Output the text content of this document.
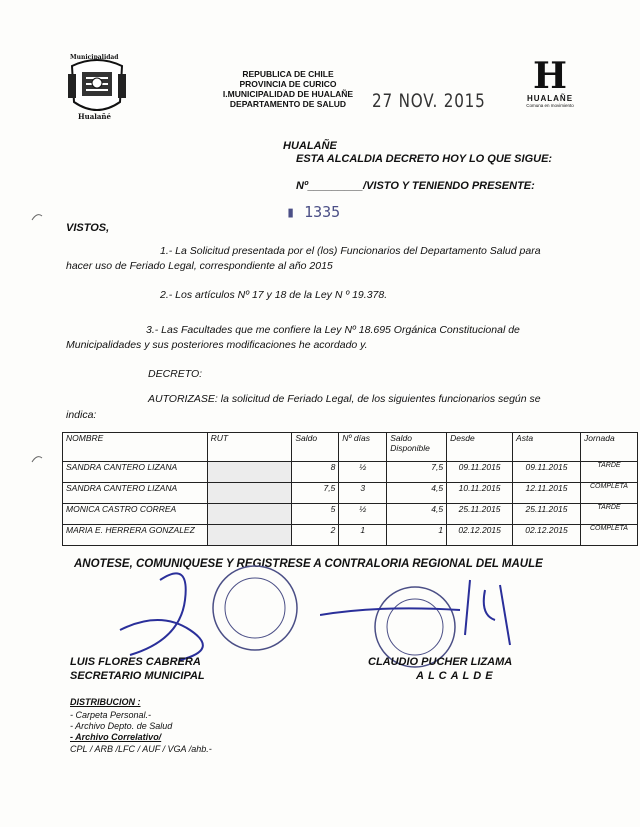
Municipalidad
Hualañé
REPUBLICA DE CHILE
PROVINCIA DE CURICO
I.MUNICIPALIDAD DE HUALAÑE
DEPARTAMENTO DE SALUD	27 NOV. 2015
H
HUALAÑE
Comuna en movimiento
HUALAÑE
ESTA ALCALDIA DECRETO HOY LO QUE SIGUE:
Nº_________/VISTO Y TENIENDO PRESENTE:
▮ 1335
VISTOS,
1.- La Solicitud presentada por el (los) Funcionarios del Departamento Salud para
hacer uso de Feriado Legal, correspondiente al año 2015
2.- Los artículos Nº 17 y 18 de la Ley N º 19.378.
3.- Las Facultades que me confiere la Ley Nº 18.695 Orgánica Constitucional de
Municipalidades y sus posteriores modificaciones he acordado y.
DECRETO:
AUTORIZASE: la solicitud de Feriado Legal, de los siguientes funcionarios según se
indica:
NOMBRE	RUT	Saldo	Nº días	Saldo Disponible	Desde	Asta	Jornada
SANDRA CANTERO LIZANA		8	½	7,5	09.11.2015	09.11.2015	TARDE
SANDRA CANTERO LIZANA		7,5	3	4,5	10.11.2015	12.11.2015	COMPLETA
MONICA CASTRO CORREA		5	½	4,5	25.11.2015	25.11.2015	TARDE
MARIA E. HERRERA GONZALEZ		2	1	1	02.12.2015	02.12.2015	COMPLETA
ANOTESE, COMUNIQUESE Y REGISTRESE A CONTRALORIA REGIONAL DEL MAULE
LUIS FLORES CABRERA
SECRETARIO MUNICIPAL
CLAUDIO PUCHER LIZAMA
ALCALDE
DISTRIBUCION :
- Carpeta Personal.-
- Archivo Depto. de Salud
- Archivo Correlativo/
CPL / ARB /LFC / AUF / VGA /ahb.-
